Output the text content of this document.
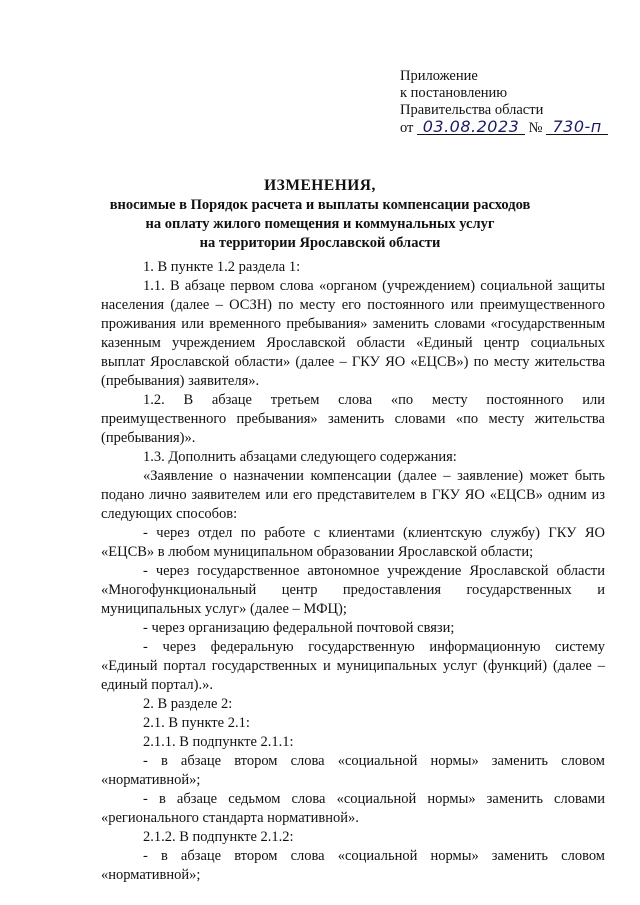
Приложение
к постановлению
Правительства области
от 03.08.2023 № 730-п
ИЗМЕНЕНИЯ,
вносимые в Порядок расчета и выплаты компенсации расходов
на оплату жилого помещения и коммунальных услуг
на территории Ярославской области

1. В пункте 1.2 раздела 1:

1.1. В абзаце первом слова «органом (учреждением) социальной защиты населения (далее – ОСЗН) по месту его постоянного или преимущественного проживания или временного пребывания» заменить словами «государственным казенным учреждением Ярославской области «Единый центр социальных выплат Ярославской области» (далее – ГКУ ЯО «ЕЦСВ») по месту жительства (пребывания) заявителя».

1.2. В абзаце третьем слова «по месту постоянного или преимущественного пребывания» заменить словами «по месту жительства (пребывания)».

1.3. Дополнить абзацами следующего содержания:

«Заявление о назначении компенсации (далее – заявление) может быть подано лично заявителем или его представителем в ГКУ ЯО «ЕЦСВ» одним из следующих способов:

- через отдел по работе с клиентами (клиентскую службу) ГКУ ЯО «ЕЦСВ» в любом муниципальном образовании Ярославской области;

- через государственное автономное учреждение Ярославской области «Многофункциональный центр предоставления государственных и муниципальных услуг» (далее – МФЦ);

- через организацию федеральной почтовой связи;

- через федеральную государственную информационную систему «Единый портал государственных и муниципальных услуг (функций) (далее – единый портал).».

2. В разделе 2:

2.1. В пункте 2.1:

2.1.1. В подпункте 2.1.1:

- в абзаце втором слова «социальной нормы» заменить словом «нормативной»;

- в абзаце седьмом слова «социальной нормы» заменить словами «регионального стандарта нормативной».

2.1.2. В подпункте 2.1.2:

- в абзаце втором слова «социальной нормы» заменить словом «нормативной»;
